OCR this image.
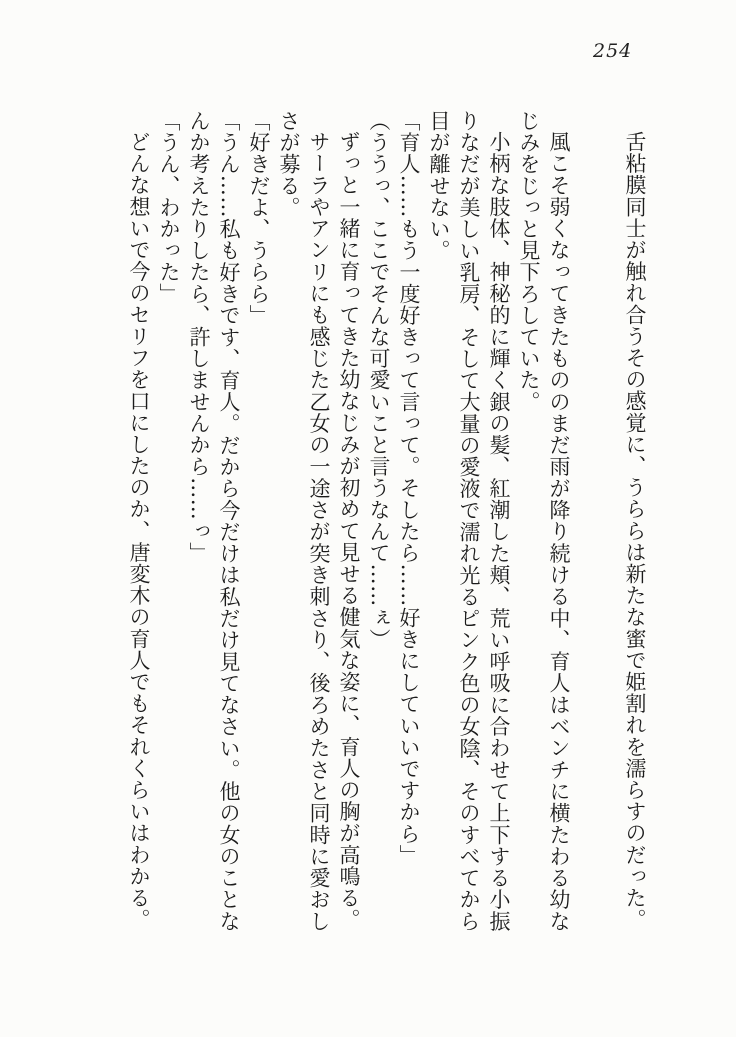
254

舌粘膜同士が触れ合うその感覚に、うららは新たな蜜で姫割れを濡らすのだった。

風こそ弱くなってきたもののまだ雨が降り続ける中、育人はベンチに横たわる幼なじみをじっと見下ろしていた。

小柄な肢体、神秘的に輝く銀の髪、紅潮した頬、荒い呼吸に合わせて上下する小振りなだが美しい乳房、そして大量の愛液で濡れ光るピンク色の女陰、そのすべてから目が離せない。

「育人……もう一度好きって言って。そしたら……好きにしていいですから」

（ううっ、ここでそんな可愛いこと言うなんて……ぇ）

ずっと一緒に育ってきた幼なじみが初めて見せる健気な姿に、育人の胸が高鳴る。

サーラやアンリにも感じた乙女の一途さが突き刺さり、後ろめたさと同時に愛おしさが募る。

「好きだよ、うらら」

「うん……私も好きです、育人。だから今だけは私だけ見てなさい。他の女のことなんか考えたりしたら、許しませんから……っ」

「うん、わかった」

どんな想いで今のセリフを口にしたのか、唐変木の育人でもそれくらいはわかる。
